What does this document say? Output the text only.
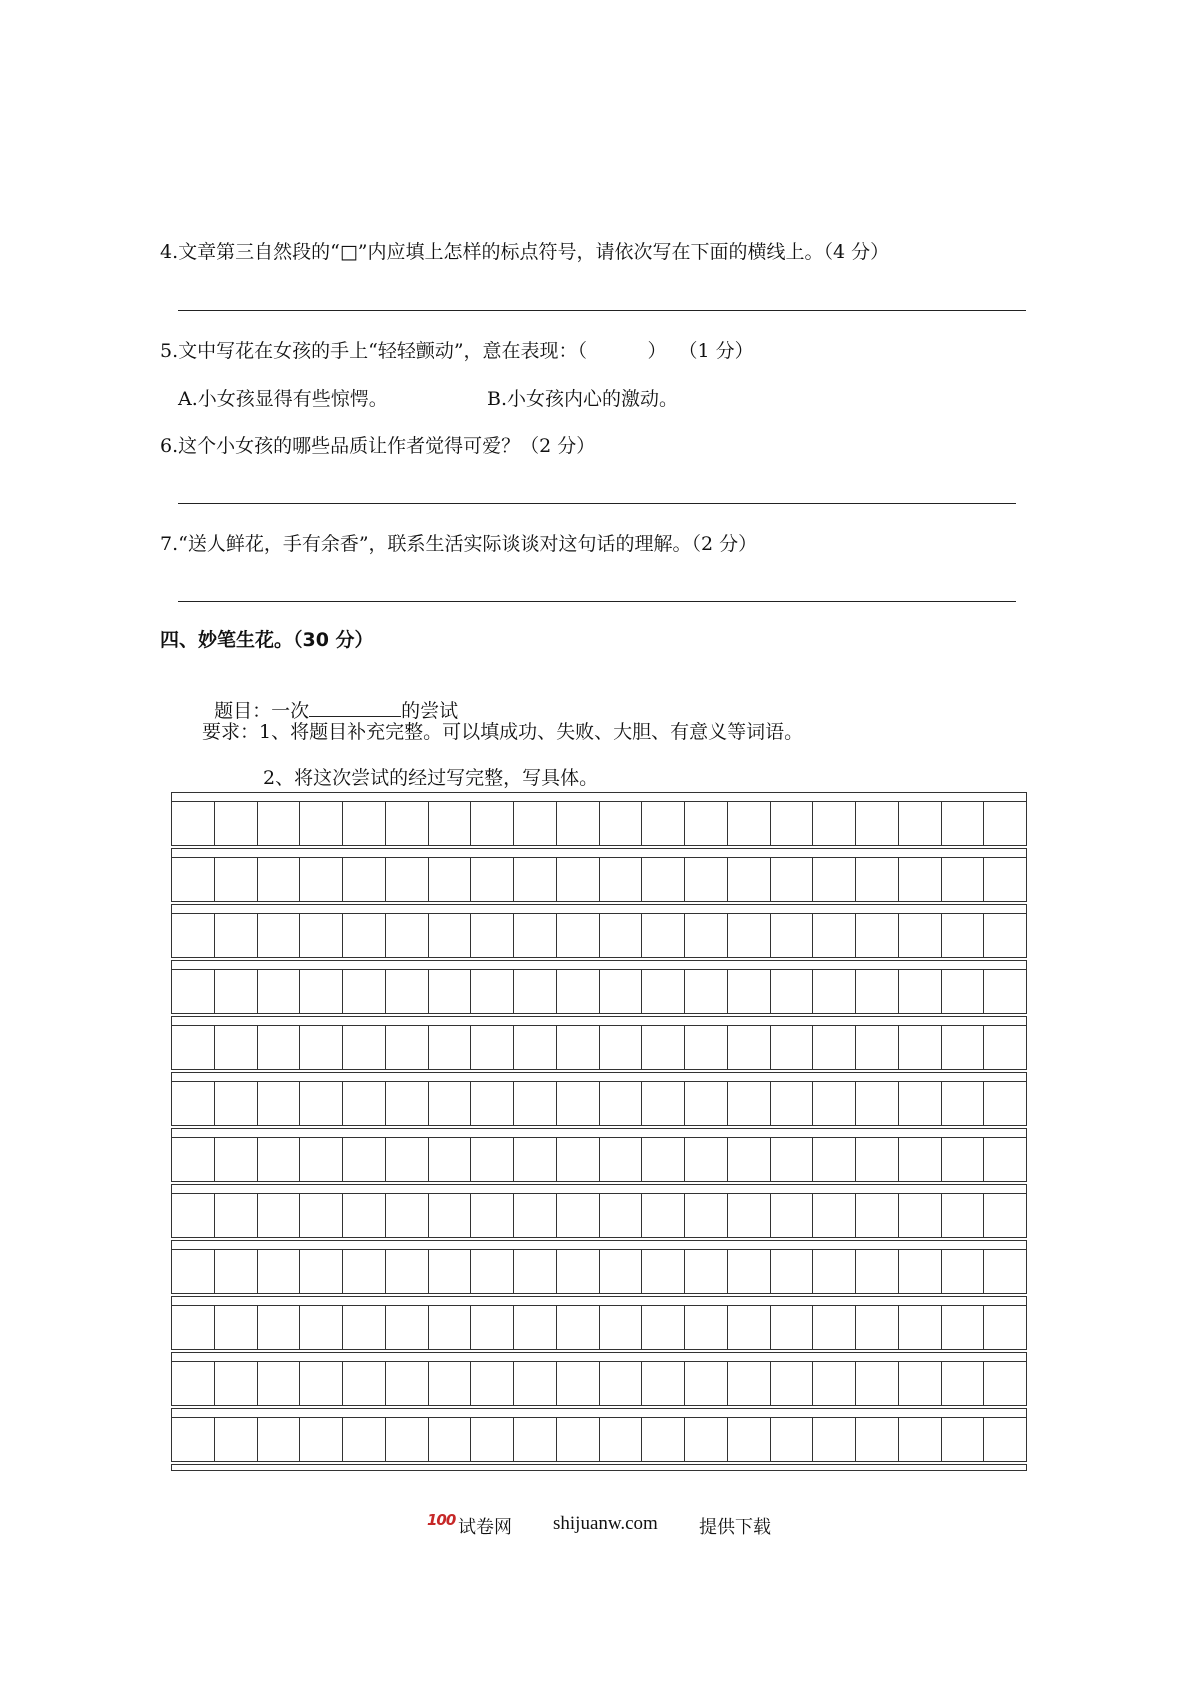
4.文章第三自然段的“□”内应填上怎样的标点符号，请依次写在下面的横线上。（4 分）
5.文中写花在女孩的手上“轻轻颤动”，意在表现：（          ）  （1 分）
A.小女孩显得有些惊愕。	B.小女孩内心的激动。
6.这个小女孩的哪些品质让作者觉得可爱？（2 分）
7.“送人鲜花，手有余香”，联系生活实际谈谈对这句话的理解。（2 分）
四、妙笔生花。（30 分）

题目：一次	的尝试

要求：1、将题目补充完整。可以填成功、失败、大胆、有意义等词语。
2、将这次尝试的经过写完整，写具体。
100 试卷网 shijuanw.com 提供下载
